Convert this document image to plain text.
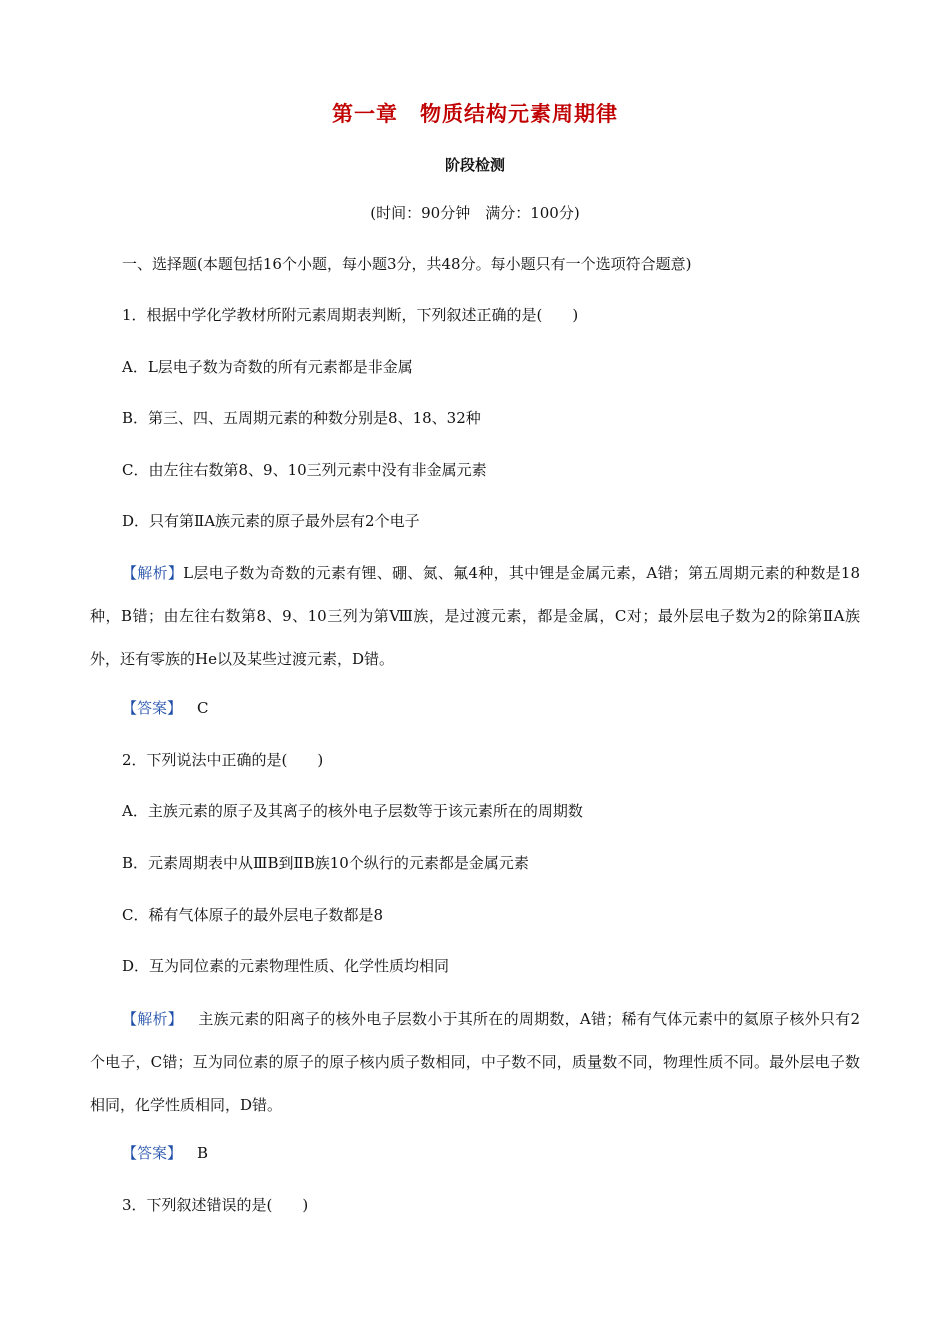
第一章　物质结构元素周期律
阶段检测
(时间：90分钟　满分：100分)
一、选择题(本题包括16个小题，每小题3分，共48分。每小题只有一个选项符合题意)
1．根据中学化学教材所附元素周期表判断，下列叙述正确的是(　　)
A．L层电子数为奇数的所有元素都是非金属
B．第三、四、五周期元素的种数分别是8、18、32种
C．由左往右数第8、9、10三列元素中没有非金属元素
D．只有第ⅡA族元素的原子最外层有2个电子
【解析】L层电子数为奇数的元素有锂、硼、氮、氟4种，其中锂是金属元素，A错；第五周期元素的种数是18种，B错；由左往右数第8、9、10三列为第Ⅷ族，是过渡元素，都是金属，C对；最外层电子数为2的除第ⅡA族外，还有零族的He以及某些过渡元素，D错。
【答案】  C
2．下列说法中正确的是(　　)
A．主族元素的原子及其离子的核外电子层数等于该元素所在的周期数
B．元素周期表中从ⅢB到ⅡB族10个纵行的元素都是金属元素
C．稀有气体原子的最外层电子数都是8
D．互为同位素的元素物理性质、化学性质均相同
【解析】  主族元素的阳离子的核外电子层数小于其所在的周期数，A错；稀有气体元素中的氦原子核外只有2个电子，C错；互为同位素的原子的原子核内质子数相同，中子数不同，质量数不同，物理性质不同。最外层电子数相同，化学性质相同，D错。
【答案】  B
3．下列叙述错误的是(　　)
